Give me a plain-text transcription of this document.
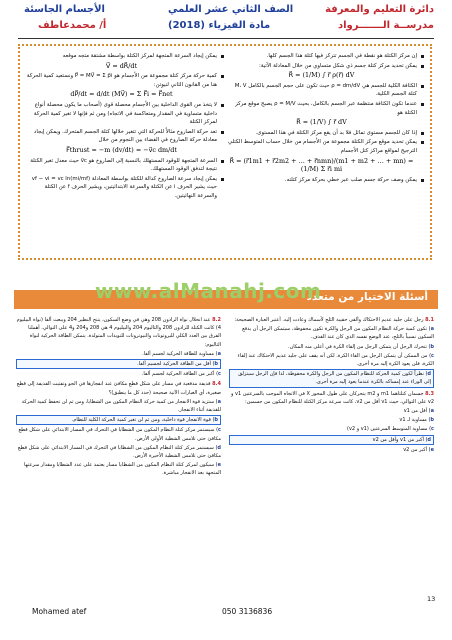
دائرة التعليم والمعرفة
مدرســة الـــــــرواد
الصف الثاني عشر العلمي
مادة الفيزياء (2018)
الأجسام الجاسئة
أ/ محمدعاطف
إن مركز الكتلة هو نقطة في الجسم تتركز فيها كتلة هذا الجسم كلها.
يمكن تحديد مركز كتلة جسم ذي شكل متساوي من خلال المعادلة الآتية:
R⃗ = (1/M) ∫ r⃗ ρ(r⃗) dV
الكثافة الكلية للجسم هي ρ = dm/dV حيث تكون على حجم الجسم بالكامل M، V كتلة الجسم الكلية.
عندما تكون الكثافة منتظمة عبر الجسم بالكامل، بحيث ρ = M/V يصبح موقع مركز الكتلة هو
R⃗ = (1/V) ∫ r⃗ dV
إذا كان للجسم مستوى تماثل فلا بد أن يقع مركز الكتلة في هذا المستوى.
يمكن تحديد موقع مركز الكتلة مجموعة من الأجسام من خلال حساب المتوسط الكتلي الترجيح لمواقع مراكز كتل الأجسام
R⃗ = (r⃗1m1 + r⃗2m2 + … + r⃗nmn)/(m1 + m2 + … + mn) = (1/M) Σ r⃗i mi
يمكن وصف حركة جسم صلب عبر خطي بحركة مركز كتلته.
يمكن إيجاد السرعة المتجهة لمركز الكتلة بواسطة مشتقة متجه موقعه
V⃗ = dR⃗/dt
كمية حركة مركز كتلة مجموعة من الأجسام هو P⃗ = MV⃗ = Σ p⃗i ونستعيد كمية الحركة هنا من القانون الثاني لنيوتن:
dP⃗/dt = d/dt (MV⃗) = Σ F⃗i = F⃗net
لا يتخذ من القوى الداخلية بين الأجسام محصلة قوى (أصحاب ما يكون محصلة أنواع داخلية متساوية في المقدار ومتعاكسة في الاتجاه) ومن ثم فإنها لا تغير كمية الحركة لمركز الكتلة
تعد حركة الصاروخ مثالاً للحركة التي تتغير خلالها كتلة الجسم المتحرك. ويمكن إيجاد معادلة حركة الصاروخ في الفضاء بين النجوم من خلال
F⃗thrust = −m (dv/dt) = −v⃗c dm/dt
السرعة المتجهة للوقود المستهلك بالنسبة إلى الصاروخ هو v⃗c حيث معدل تغير الكتلة نتيجة لتدفق الوقود المستهلك.
يمكن إيجاد سرعة الصاروخ كدالة للكتلة بواسطة المعادلة vf − vi = vc ln(mi/mf) حيث يشير الحرف i عن الكتلة والسرعة الابتدائيتين، ويشير الحرف f عن الكتلة والسرعة النهائيتين.
أسئلة الاختيار من متعدد
www.alManahj.com
8.1 رجل على جليد عديم الاحتكاك وألقى حقيبة الثلج لأسماك وعادت إليه. أعتبر العبارة الصحيحة:
a) تكون كمية حركة النظام المكون من الرجل والكرة تكون محفوظة، سيتمكن الرجل أن يدفع السكون نسبياً بالثلج، عند الوضع نفسه الذي كان عند القذف.
b) تتحرك الرجل أن يتمكن الرجل من إلقاء الكرة في أعلى منه المكان.
c) من الممكن أن يتمكن الرجل من القاء الكرة. لكن أنه يقف على جليد عديم الاحتكاك عند إلقاء الكرة، فلن يعود الكرة إليه مرة أخرى.
d) نظراً لكون كمية الحركة للنظام المكون من الرجل والكرة محفوظة، لذا فإن الرجل سيتزلق إلى الوراء عند إمساكه بالكرة عندما يعود إليه مرة أخرى.
8.3 جسمان كتلتاهما m1 و m2 يتحركان على طول المحور X في الاتجاه الموجب بالسرعتين v1 و v2 على التوالي، حيث v1 أقل من v2، كانت سرعة مركز الكتلة للنظام المكون من جسمين:
a) أقل من v1
b) مساوية لـ v1
c) مساوية المتوسط السرعتين (v1 و v2)
d) أكبر من v1 وأقل من v2
e) أكبر من v2
8.2 عند انحلال نواة الرادون 208 وهي في وضع السكون، ينتج النظير 204 ويبعث ألفا (نواة البيليوم 4) كانت الكتلة للرادون 208 والثاليوم 204 والبيليوم 4 هي 208 و204 و4 على التوالي. أهملنا الفرق بين العدد الكلي للبروتونات والنيوترونات للنويدات المتولدة. يتمكن الطاقة الحركية لنواة الثاليوم:
a) مساوية للطاقة الحركية لجسم ألفا.
b) أقل من الطاقة الحركية لجسيم ألفا.
c) أكبر من الطاقة الحركية لجسم ألفا.
8.4 قذيفة مدفعية في مسار على شكل قطع مكافئ عند انفجارها في الجو وتفتيت القذيفة إلى قطع صغيرة، أي العبارات الآتية صحيحة (حدد كل ما ينطبق)؟
a) ستزيد قوة الانفجار من كمية حركة النظام المكون من الشظايا، ومن ثم لن تحفظ كمية الحركة للقذيفة أثناء الانفجار.
b) قوة الانفجار قوة داخلية، ومن ثم لن تغير كمية الحركة الكلية للنظام.
c) سيستمر مركز كتلة النظام المكون من الشظايا في التحرك في المسار الابتدائي على شكل قطع مكافئ حتى تلامس الشظية الأولى الأرض.
d) سيستمر مركز كتلة النظام المكون من الشظايا في التحرك في المسار الابتدائي على شكل قطع مكافئ حتى تلامس الشظية الأخيرة الأرض.
e) سيكون لمركز كتلة النظام المكون من الشظايا مسار يعتمد على عدد الشظايا ومقدار سرعتها المتجهة بعد الانفجار مباشرة.
13
Mohamed atef	050 3136836
